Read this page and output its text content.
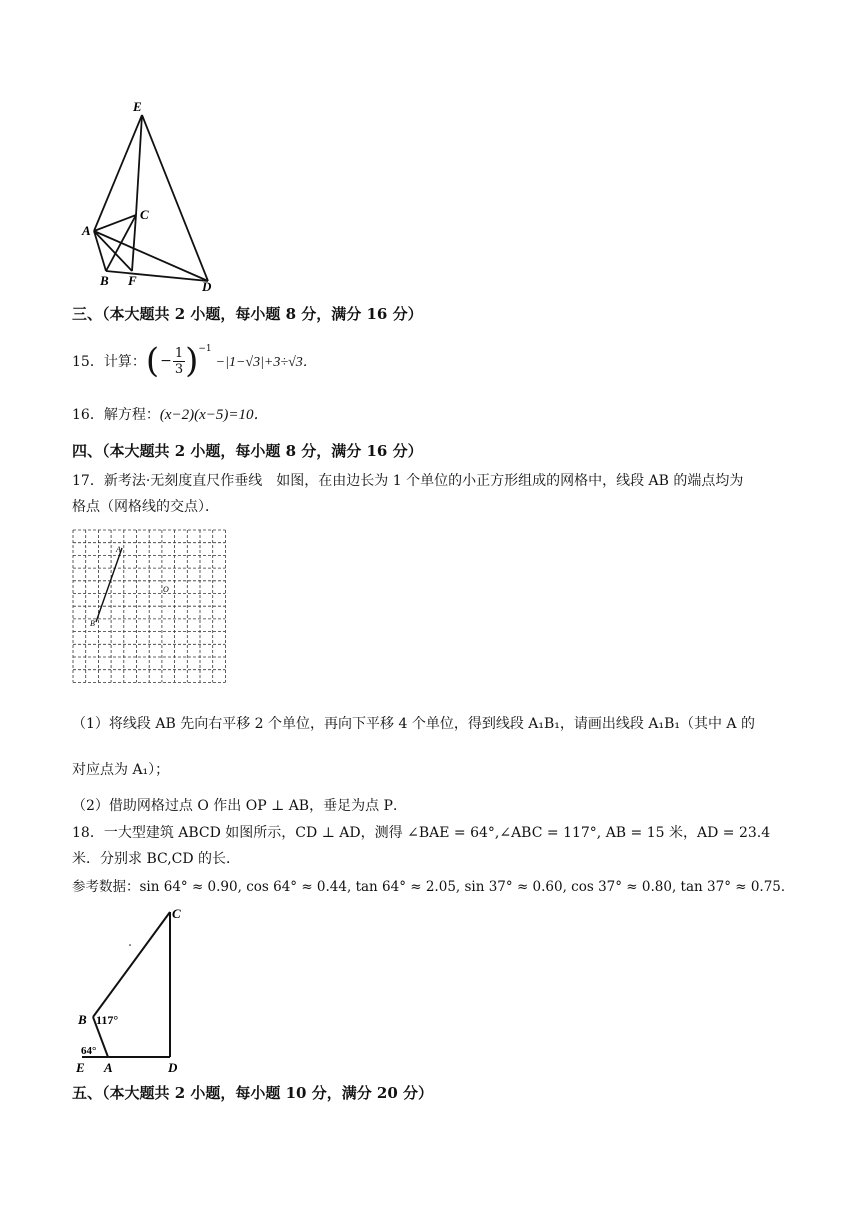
E
C
A
B F	D
三、（本大题共 2 小题，每小题 8 分，满分 16 分）
15． 计算： ( − $\frac{1}{3}$ ) −1
−|1−√3|+3÷√3．
16．解方程：(x−2)(x−5)=10．
四、（本大题共 2 小题，每小题 8 分，满分 16 分）
17．新考法·无刻度直尺作垂线　如图，在由边长为 1 个单位的小正方形组成的网格中，线段 AB 的端点均为
格点（网格线的交点）．
A
B
O
（1）将线段 AB 先向右平移 2 个单位，再向下平移 4 个单位，得到线段 A₁B₁，请画出线段 A₁B₁（其中 A 的
对应点为 A₁）；
（2）借助网格过点 O 作出 OP ⊥ AB，垂足为点 P．
18．一大型建筑 ABCD 如图所示，CD ⊥ AD，测得 ∠BAE = 64°,∠ABC = 117°, AB = 15 米，AD = 23.4
米．分别求 BC,CD 的长．
参考数据：sin 64° ≈ 0.90, cos 64° ≈ 0.44, tan 64° ≈ 2.05, sin 37° ≈ 0.60, cos 37° ≈ 0.80, tan 37° ≈ 0.75．
C
B 117°
64°
E A	D
五、（本大题共 2 小题，每小题 10 分，满分 20 分）
